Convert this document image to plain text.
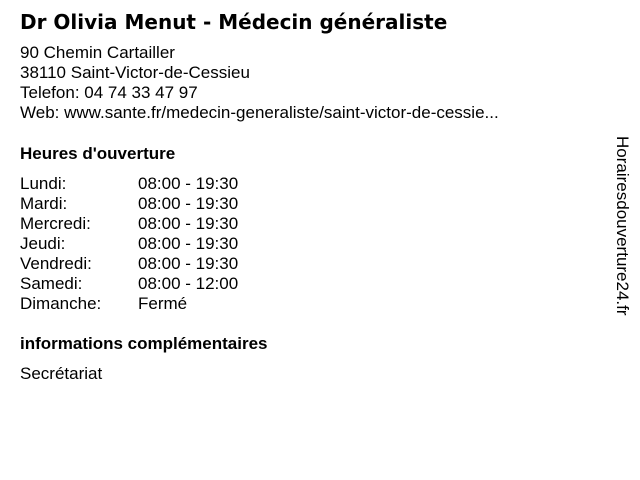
Dr Olivia Menut - Médecin généraliste
90 Chemin Cartailler
38110 Saint-Victor-de-Cessieu
Telefon: 04 74 33 47 97
Web: www.sante.fr/medecin-generaliste/saint-victor-de-cessie...
Heures d'ouverture
Lundi:	08:00 - 19:30
Mardi:	08:00 - 19:30
Mercredi:	08:00 - 19:30
Jeudi:	08:00 - 19:30
Vendredi:	08:00 - 19:30
Samedi:	08:00 - 12:00
Dimanche:	Fermé
informations complémentaires
Secrétariat
Horairesdouverture24.fr
